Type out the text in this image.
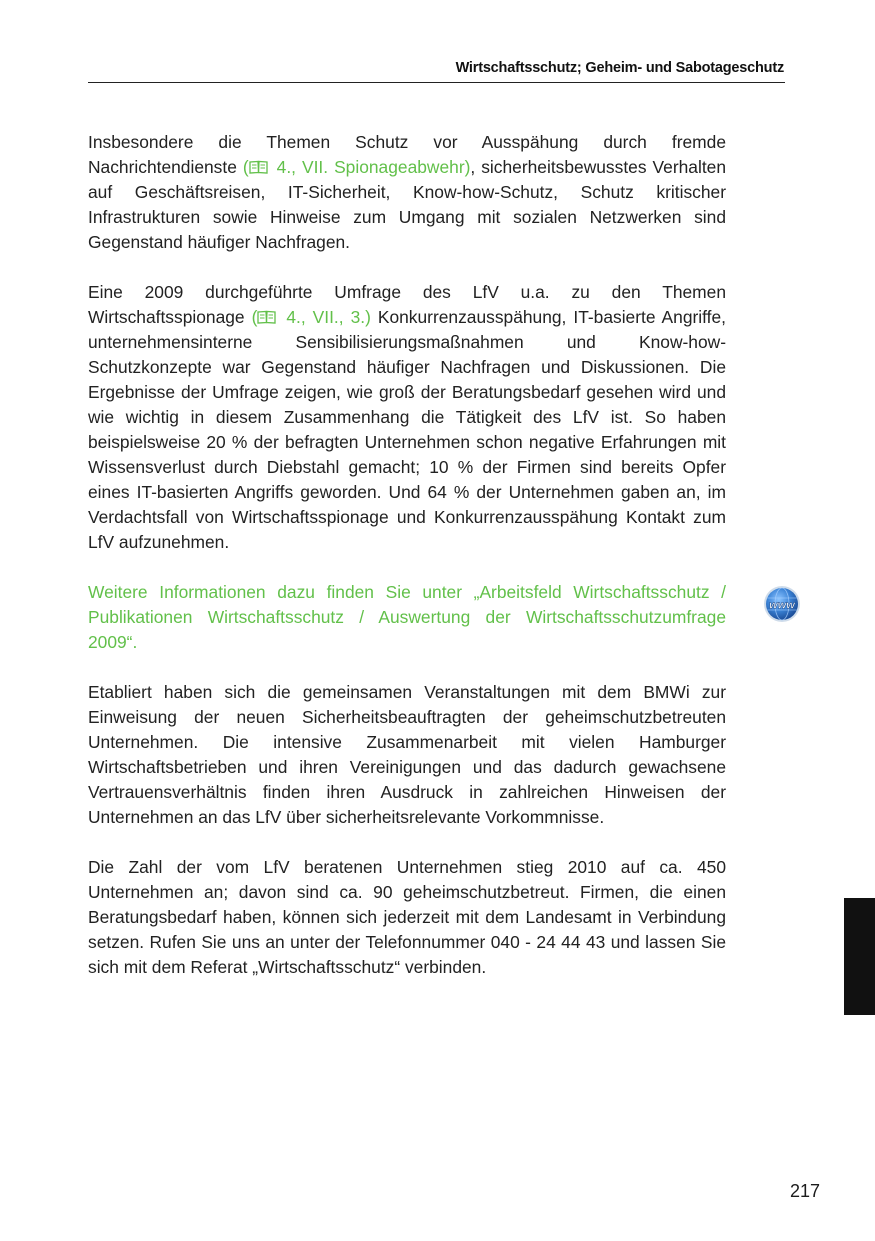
Wirtschaftsschutz; Geheim- und Sabotageschutz

Insbesondere die Themen Schutz vor Ausspähung durch fremde Nachrichtendienste (
4., VII. Spionageabwehr), sicherheitsbewusstes Verhalten auf Geschäftsreisen, IT-Sicherheit, Know-how-Schutz, Schutz kritischer Infrastrukturen sowie Hinweise zum Umgang mit sozialen Netzwerken sind Gegenstand häufiger Nachfragen.

Eine 2009 durchgeführte Umfrage des LfV u.a. zu den Themen Wirtschaftsspionage (
4., VII., 3.) Konkurrenzausspähung, IT-basierte Angriffe, unternehmensinterne Sensibilisierungsmaßnahmen und Know-how-Schutzkonzepte war Gegenstand häufiger Nachfragen und Diskussionen. Die Ergebnisse der Umfrage zeigen, wie groß der Beratungsbedarf gesehen wird und wie wichtig in diesem Zusammenhang die Tätigkeit des LfV ist. So haben beispielsweise 20 % der befragten Unternehmen schon negative Erfahrungen mit Wissensverlust durch Diebstahl gemacht; 10 % der Firmen sind bereits Opfer eines IT-basierten Angriffs geworden. Und 64 % der Unternehmen gaben an, im Verdachtsfall von Wirtschaftsspionage und Konkurrenzausspähung Kontakt zum LfV aufzunehmen.

Weitere Informationen dazu finden Sie unter „Arbeitsfeld Wirtschaftsschutz / Publikationen Wirtschaftsschutz / Auswertung der Wirtschaftsschutzumfrage 2009“.

Etabliert haben sich die gemeinsamen Veranstaltungen mit dem BMWi zur Einweisung der neuen Sicherheitsbeauftragten der geheimschutzbetreuten Unternehmen. Die intensive Zusammenarbeit mit vielen Hamburger Wirtschaftsbetrieben und ihren Vereinigungen und das dadurch gewachsene Vertrauensverhältnis finden ihren Ausdruck in zahlreichen Hinweisen der Unternehmen an das LfV über sicherheitsrelevante Vorkommnisse.

Die Zahl der vom LfV beratenen Unternehmen stieg 2010 auf ca. 450 Unternehmen an; davon sind ca. 90 geheimschutzbetreut. Firmen, die einen Beratungsbedarf haben, können sich jederzeit mit dem Landesamt in Verbindung setzen. Rufen Sie uns an unter der Telefonnummer 040 - 24 44 43 und lassen Sie sich mit dem Referat „Wirtschaftsschutz“ verbinden.

www
217
